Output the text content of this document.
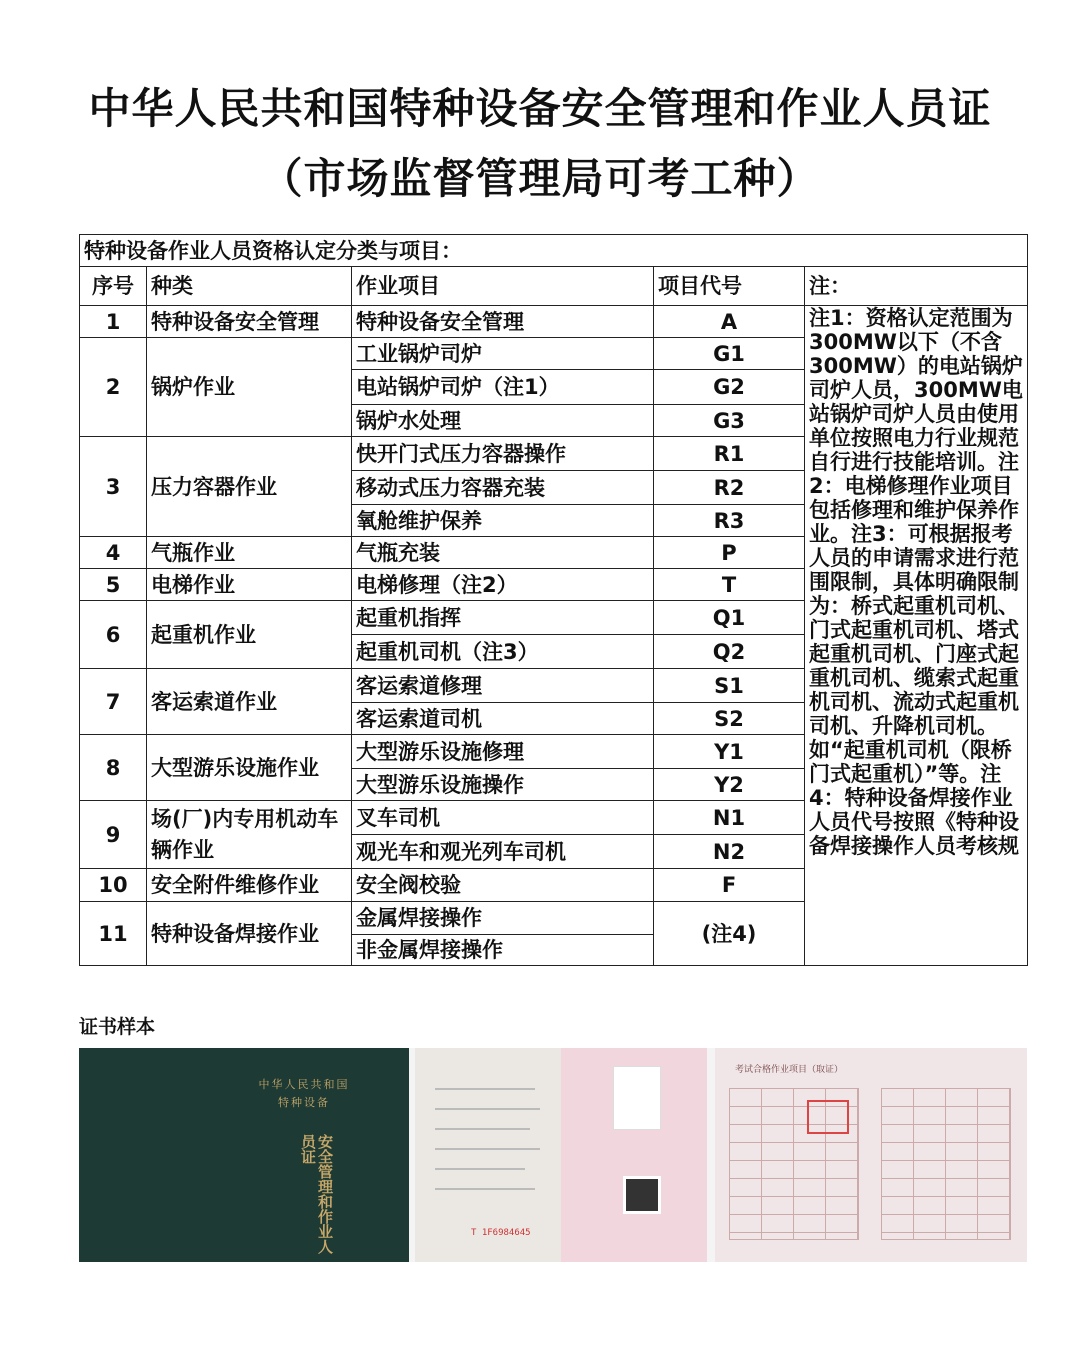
中华人民共和国特种设备安全管理和作业人员证
（市场监督管理局可考工种）
特种设备作业人员资格认定分类与项目：				
序号	种类	作业项目	项目代号	注：
1	特种设备安全管理	特种设备安全管理	A	注1：资格认定范围为300MW以下（不含300MW）的电站锅炉司炉人员，300MW电站锅炉司炉人员由使用单位按照电力行业规范自行进行技能培训。注2：电梯修理作业项目包括修理和维护保养作业。注3：可根据报考人员的申请需求进行范围限制，具体明确限制为：桥式起重机司机、门式起重机司机、塔式起重机司机、门座式起重机司机、缆索式起重机司机、流动式起重机司机、升降机司机。如“起重机司机（限桥门式起重机）”等。注4：特种设备焊接作业人员代号按照《特种设备焊接操作人员考核规

2	锅炉作业	工业锅炉司炉	G1	
		电站锅炉司炉（注1）	G2	
		锅炉水处理	G3	
3	压力容器作业	快开门式压力容器操作	R1	
		移动式压力容器充装	R2	
		氧舱维护保养	R3	
4	气瓶作业	气瓶充装	P	
5	电梯作业	电梯修理（注2）	T	
6	起重机作业	起重机指挥	Q1	
		起重机司机（注3）	Q2	
7	客运索道作业	客运索道修理	S1	
		客运索道司机	S2	
8	大型游乐设施作业	大型游乐设施修理	Y1	
		大型游乐设施操作	Y2	
9	场(厂)内专用机动车辆作业	叉车司机	N1	
		观光车和观光列车司机	N2	
10	安全附件维修作业	安全阀校验	F	
11	特种设备焊接作业	金属焊接操作	(注4)	
		非金属焊接操作		
证书样本
中华人民共和国
特种设备
安全管理和作业人员证
T 1F6984645
考试合格作业项目（取证）
